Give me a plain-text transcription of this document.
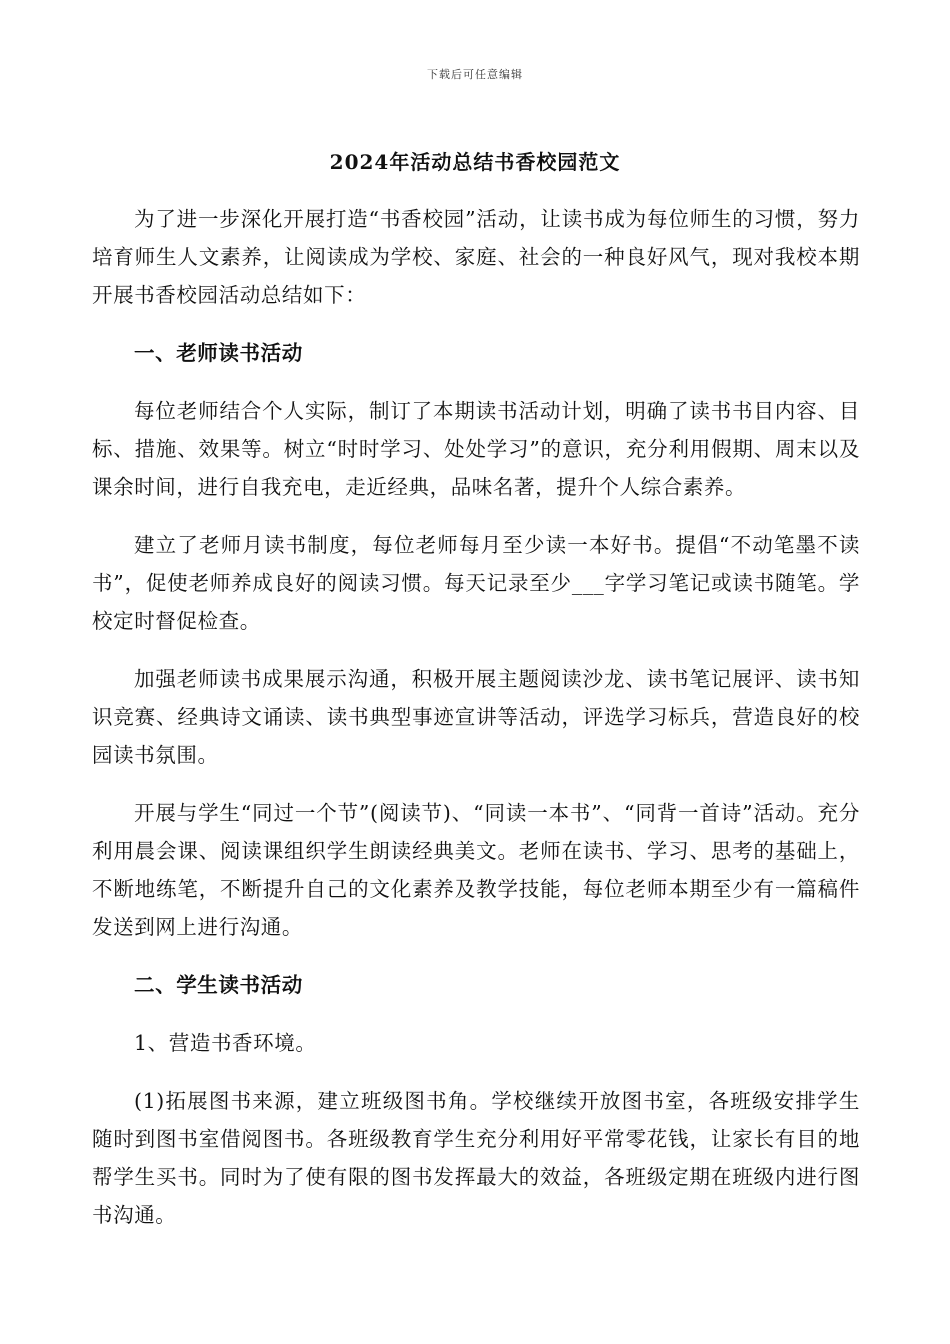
下载后可任意编辑
2024年活动总结书香校园范文

为了进一步深化开展打造“书香校园”活动，让读书成为每位师生的习惯，努力培育师生人文素养，让阅读成为学校、家庭、社会的一种良好风气，现对我校本期开展书香校园活动总结如下：

一、老师读书活动

每位老师结合个人实际，制订了本期读书活动计划，明确了读书书目内容、目标、措施、效果等。树立“时时学习、处处学习”的意识，充分利用假期、周末以及课余时间，进行自我充电，走近经典，品味名著，提升个人综合素养。

建立了老师月读书制度，每位老师每月至少读一本好书。提倡“不动笔墨不读书”，促使老师养成良好的阅读习惯。每天记录至少___字学习笔记或读书随笔。学校定时督促检查。

加强老师读书成果展示沟通，积极开展主题阅读沙龙、读书笔记展评、读书知识竞赛、经典诗文诵读、读书典型事迹宣讲等活动，评选学习标兵，营造良好的校园读书氛围。

开展与学生“同过一个节”(阅读节)、“同读一本书”、“同背一首诗”活动。充分利用晨会课、阅读课组织学生朗读经典美文。老师在读书、学习、思考的基础上，不断地练笔，不断提升自己的文化素养及教学技能，每位老师本期至少有一篇稿件发送到网上进行沟通。

二、学生读书活动

1、营造书香环境。

(1)拓展图书来源，建立班级图书角。学校继续开放图书室，各班级安排学生随时到图书室借阅图书。各班级教育学生充分利用好平常零花钱，让家长有目的地帮学生买书。同时为了使有限的图书发挥最大的效益，各班级定期在班级内进行图书沟通。
